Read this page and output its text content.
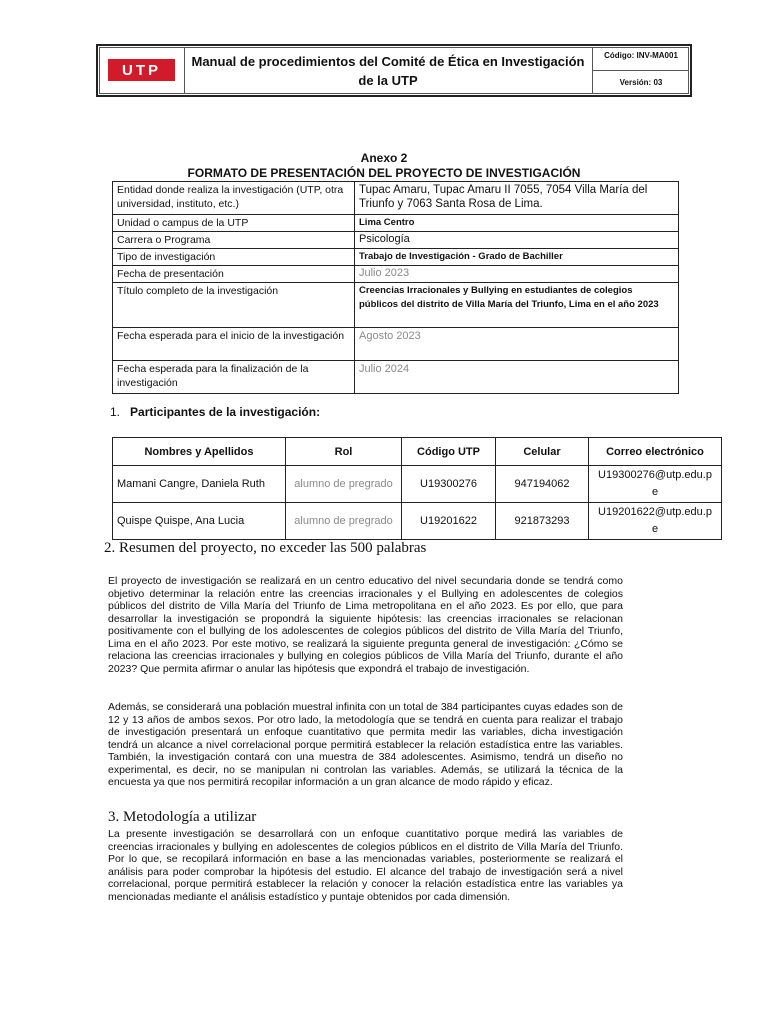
UTP Manual de procedimientos del Comité de Ética en Investigación de la UTP
Código: INV-MA001
Versión: 03
Anexo 2
FORMATO DE PRESENTACIÓN DEL PROYECTO DE INVESTIGACIÓN
Entidad donde realiza la investigación (UTP, otra universidad, instituto, etc.)	Tupac Amaru, Tupac Amaru II 7055, 7054 Villa María del Triunfo y 7063 Santa Rosa de Lima.
Unidad o campus de la UTP	Lima Centro
Carrera o Programa	Psicología
Tipo de investigación	Trabajo de Investigación - Grado de Bachiller
Fecha de presentación	Julio 2023
Título completo de la investigación	Creencias Irracionales y Bullying en estudiantes de colegios públicos del distrito de Villa María del Triunfo, Lima en el año 2023
Fecha esperada para el inicio de la investigación	Agosto 2023
Fecha esperada para la finalización de la investigación	Julio 2024
1. Participantes de la investigación:
Nombres y Apellidos	Rol	Código UTP	Celular	Correo electrónico
Mamani Cangre, Daniela Ruth	alumno de pregrado	U19300276	947194062	U19300276@utp.edu.p
e
Quispe Quispe, Ana Lucia	alumno de pregrado	U19201622	921873293	U19201622@utp.edu.p
e
2. Resumen del proyecto, no exceder las 500 palabras
El proyecto de investigación se realizará en un centro educativo del nivel secundaria donde se tendrá como objetivo determinar la relación entre las creencias irracionales y el Bullying en adolescentes de colegios públicos del distrito de Villa María del Triunfo de Lima metropolitana en el año 2023. Es por ello, que para desarrollar la investigación se propondrá la siguiente hipótesis: las creencias irracionales se relacionan positivamente con el bullying de los adolescentes de colegios públicos del distrito de Villa María del Triunfo, Lima en el año 2023. Por este motivo, se realizará la siguiente pregunta general de investigación: ¿Cómo se relaciona las creencias irracionales y bullying en colegios públicos de Villa María del Triunfo, durante el año 2023? Que permita afirmar o anular las hipótesis que expondrá el trabajo de investigación.
Además, se considerará una población muestral infinita con un total de 384 participantes cuyas edades son de 12 y 13 años de ambos sexos. Por otro lado, la metodología que se tendrá en cuenta para realizar el trabajo de investigación presentará un enfoque cuantitativo que permita medir las variables, dicha investigación tendrá un alcance a nivel correlacional porque permitirá establecer la relación estadística entre las variables. También, la investigación contará con una muestra de 384 adolescentes. Asimismo, tendrá un diseño no experimental, es decir, no se manipulan ni controlan las variables. Además, se utilizará la técnica de la encuesta ya que nos permitirá recopilar información a un gran alcance de modo rápido y eficaz.
3. Metodología a utilizar
La presente investigación se desarrollará con un enfoque cuantitativo porque medirá las variables de creencias irracionales y bullying en adolescentes de colegios públicos en el distrito de Villa María del Triunfo. Por lo que, se recopilará información en base a las mencionadas variables, posteriormente se realizará el análisis para poder comprobar la hipótesis del estudio. El alcance del trabajo de investigación será a nivel correlacional, porque permitirá establecer la relación y conocer la relación estadística entre las variables ya mencionadas mediante el análisis estadístico y puntaje obtenidos por cada dimensión.
